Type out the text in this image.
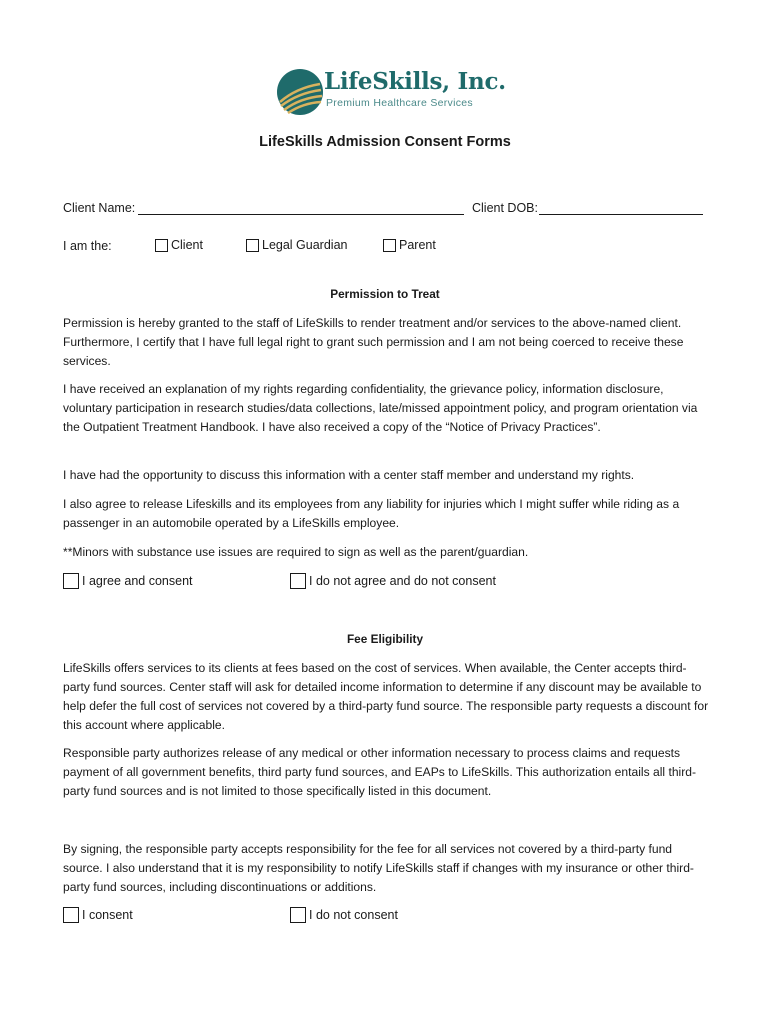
LifeSkills, Inc.
Premium Healthcare Services
LifeSkills Admission Consent Forms
Client Name:	Client DOB:
I am the:	Client	Legal Guardian	Parent
Permission to Treat

Permission is hereby granted to the staff of LifeSkills to render treatment and/or services to the above-named client. Furthermore, I certify that I have full legal right to grant such permission and I am not being coerced to receive these services.

I have received an explanation of my rights regarding confidentiality, the grievance policy, information disclosure, voluntary participation in research studies/data collections, late/missed appointment policy, and program orientation via the Outpatient Treatment Handbook. I have also received a copy of the “Notice of Privacy Practices”.

I have had the opportunity to discuss this information with a center staff member and understand my rights.

I also agree to release Lifeskills and its employees from any liability for injuries which I might suffer while riding as a passenger in an automobile operated by a LifeSkills employee.

**Minors with substance use issues are required to sign as well as the parent/guardian.

I agree and consent	I do not agree and do not consent
Fee Eligibility

LifeSkills offers services to its clients at fees based on the cost of services. When available, the Center accepts third-party fund sources. Center staff will ask for detailed income information to determine if any discount may be available to help defer the full cost of services not covered by a third-party fund source. The responsible party requests a discount for this account where applicable.

Responsible party authorizes release of any medical or other information necessary to process claims and requests payment of all government benefits, third party fund sources, and EAPs to LifeSkills. This authorization entails all third-party fund sources and is not limited to those specifically listed in this document.

By signing, the responsible party accepts responsibility for the fee for all services not covered by a third-party fund source. I also understand that it is my responsibility to notify LifeSkills staff if changes with my insurance or other third-party fund sources, including discontinuations or additions.

I consent	I do not consent
